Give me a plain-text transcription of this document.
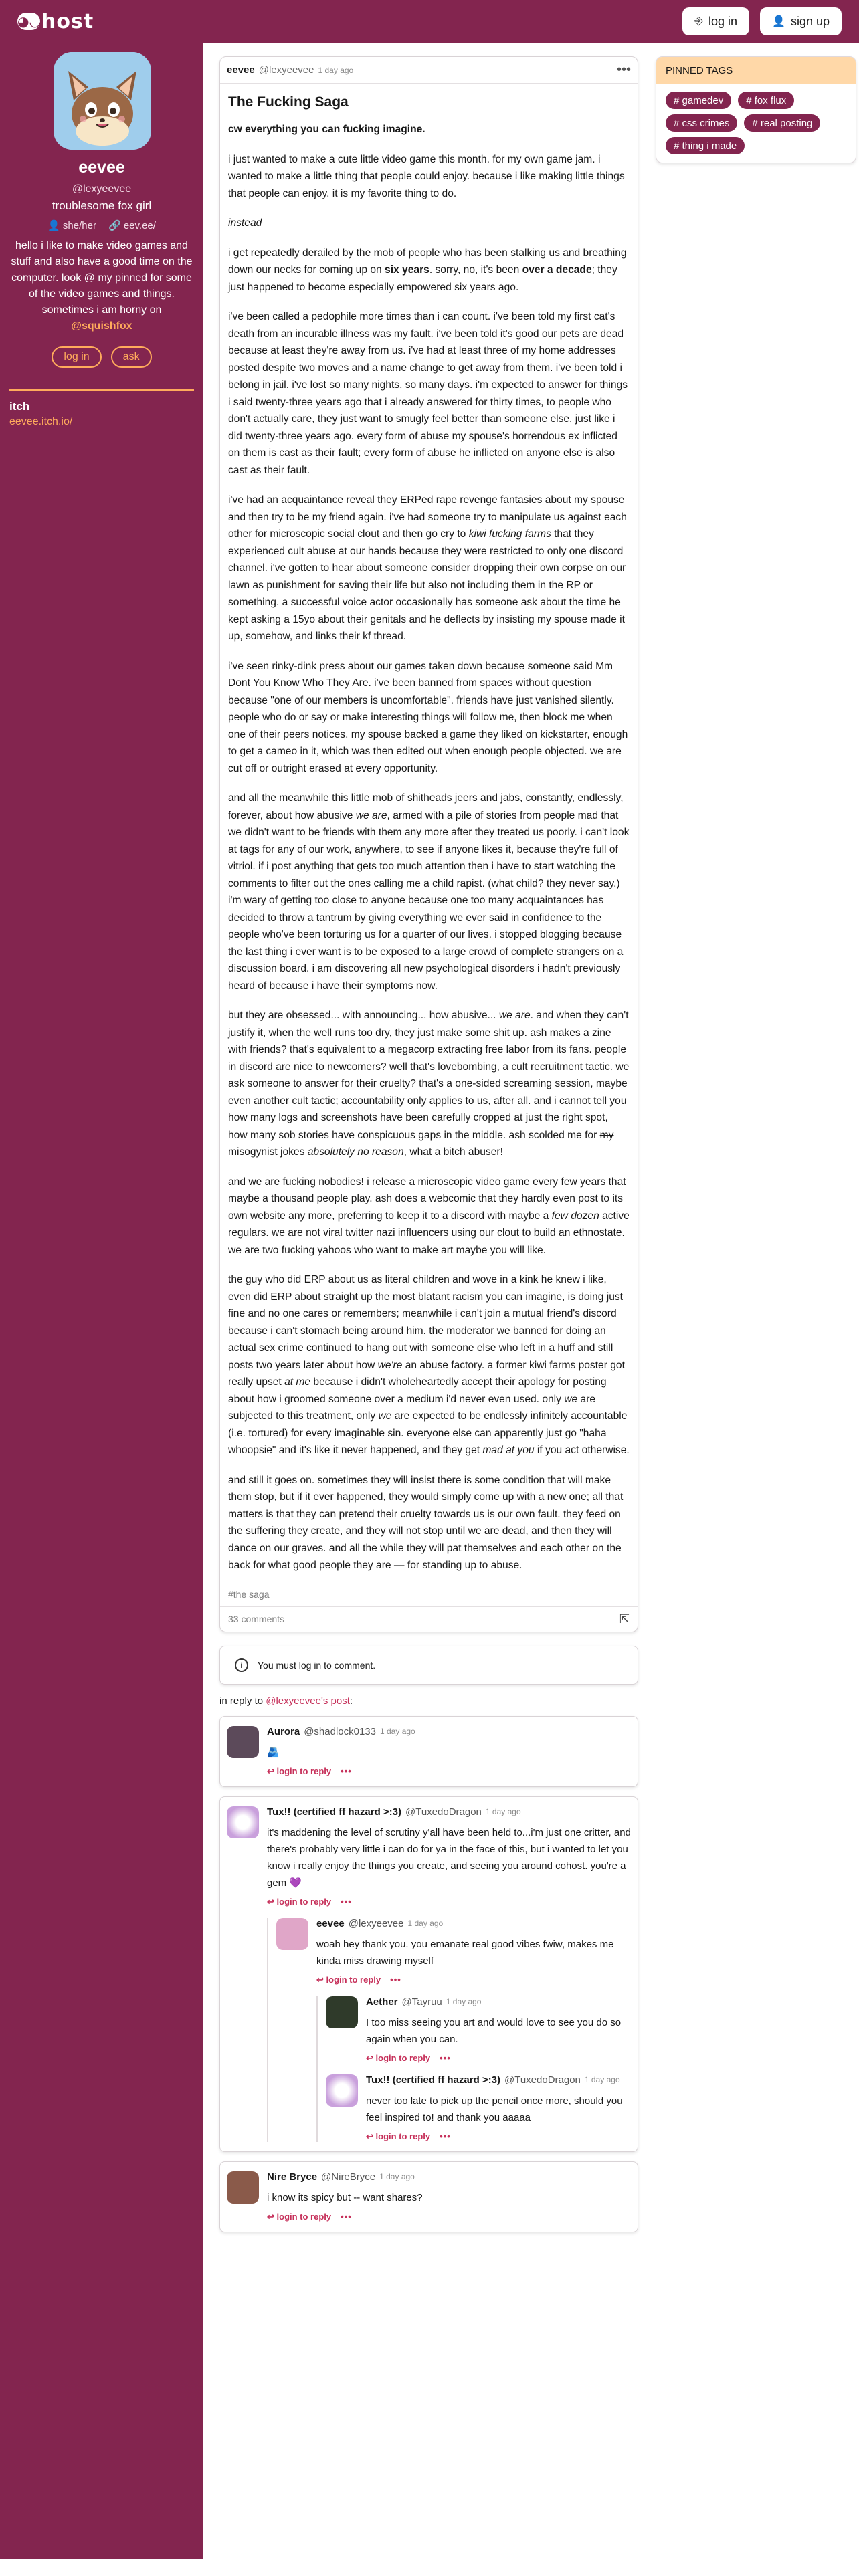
◕◡ host	⎆ log in	👤 sign up
eevee
@lexyeevee
troublesome fox girl
👤 she/her 🔗 eev.ee/
hello i like to make video games and stuff and also have a good time on the computer. look @ my pinned for some of the video games and things. sometimes i am horny on
@squishfox
log in	ask
itch
eevee.itch.io/
eevee @lexyeevee 1 day ago	•••
The Fucking Saga

cw everything you can fucking imagine.

i just wanted to make a cute little video game this month. for my own game jam. i wanted to make a little thing that people could enjoy. because i like making little things that people can enjoy. it is my favorite thing to do.

instead

i get repeatedly derailed by the mob of people who has been stalking us and breathing down our necks for coming up on six years. sorry, no, it's been over a decade; they just happened to become especially empowered six years ago.

i've been called a pedophile more times than i can count. i've been told my first cat's death from an incurable illness was my fault. i've been told it's good our pets are dead because at least they're away from us. i've had at least three of my home addresses posted despite two moves and a name change to get away from them. i've been told i belong in jail. i've lost so many nights, so many days. i'm expected to answer for things i said twenty-three years ago that i already answered for thirty times, to people who don't actually care, they just want to smugly feel better than someone else, just like i did twenty-three years ago. every form of abuse my spouse's horrendous ex inflicted on them is cast as their fault; every form of abuse he inflicted on anyone else is also cast as their fault.

i've had an acquaintance reveal they ERPed rape revenge fantasies about my spouse and then try to be my friend again. i've had someone try to manipulate us against each other for microscopic social clout and then go cry to kiwi fucking farms that they experienced cult abuse at our hands because they were restricted to only one discord channel. i've gotten to hear about someone consider dropping their own corpse on our lawn as punishment for saving their life but also not including them in the RP or something. a successful voice actor occasionally has someone ask about the time he kept asking a 15yo about their genitals and he deflects by insisting my spouse made it up, somehow, and links their kf thread.

i've seen rinky-dink press about our games taken down because someone said Mm Dont You Know Who They Are. i've been banned from spaces without question because "one of our members is uncomfortable". friends have just vanished silently. people who do or say or make interesting things will follow me, then block me when one of their peers notices. my spouse backed a game they liked on kickstarter, enough to get a cameo in it, which was then edited out when enough people objected. we are cut off or outright erased at every opportunity.

and all the meanwhile this little mob of shitheads jeers and jabs, constantly, endlessly, forever, about how abusive we are, armed with a pile of stories from people mad that we didn't want to be friends with them any more after they treated us poorly. i can't look at tags for any of our work, anywhere, to see if anyone likes it, because they're full of vitriol. if i post anything that gets too much attention then i have to start watching the comments to filter out the ones calling me a child rapist. (what child? they never say.) i'm wary of getting too close to anyone because one too many acquaintances has decided to throw a tantrum by giving everything we ever said in confidence to the people who've been torturing us for a quarter of our lives. i stopped blogging because the last thing i ever want is to be exposed to a large crowd of complete strangers on a discussion board. i am discovering all new psychological disorders i hadn't previously heard of because i have their symptoms now.

but they are obsessed... with announcing... how abusive... we are. and when they can't justify it, when the well runs too dry, they just make some shit up. ash makes a zine with friends? that's equivalent to a megacorp extracting free labor from its fans. people in discord are nice to newcomers? well that's lovebombing, a cult recruitment tactic. we ask someone to answer for their cruelty? that's a one-sided screaming session, maybe even another cult tactic; accountability only applies to us, after all. and i cannot tell you how many logs and screenshots have been carefully cropped at just the right spot, how many sob stories have conspicuous gaps in the middle. ash scolded me for my misogynist jokes absolutely no reason, what a bitch abuser!

and we are fucking nobodies! i release a microscopic video game every few years that maybe a thousand people play. ash does a webcomic that they hardly even post to its own website any more, preferring to keep it to a discord with maybe a few dozen active regulars. we are not viral twitter nazi influencers using our clout to build an ethnostate. we are two fucking yahoos who want to make art maybe you will like.

the guy who did ERP about us as literal children and wove in a kink he knew i like, even did ERP about straight up the most blatant racism you can imagine, is doing just fine and no one cares or remembers; meanwhile i can't join a mutual friend's discord because i can't stomach being around him. the moderator we banned for doing an actual sex crime continued to hang out with someone else who left in a huff and still posts two years later about how we're an abuse factory. a former kiwi farms poster got really upset at me because i didn't wholeheartedly accept their apology for posting about how i groomed someone over a medium i'd never even used. only we are subjected to this treatment, only we are expected to be endlessly infinitely accountable (i.e. tortured) for every imaginable sin. everyone else can apparently just go "haha whoopsie" and it's like it never happened, and they get mad at you if you act otherwise.

and still it goes on. sometimes they will insist there is some condition that will make them stop, but if it ever happened, they would simply come up with a new one; all that matters is that they can pretend their cruelty towards us is our own fault. they feed on the suffering they create, and they will not stop until we are dead, and then they will dance on our graves. and all the while they will pat themselves and each other on the back for what good people they are — for standing up to abuse.

#the saga
33 comments	⇱
i	You must log in to comment.
in reply to @lexyeevee's post:
Aurora @shadlock0133 1 day ago
🫂
↩ login to reply •••
Tux!! (certified ff hazard >:3) @TuxedoDragon 1 day ago
it's maddening the level of scrutiny y'all have been held to...i'm just one critter, and there's probably very little i can do for ya in the face of this, but i wanted to let you know i really enjoy the things you create, and seeing you around cohost. you're a gem 💜
↩ login to reply •••
eevee @lexyeevee 1 day ago
woah hey thank you. you emanate real good vibes fwiw, makes me kinda miss drawing myself
↩ login to reply •••
Aether @Tayruu 1 day ago
I too miss seeing you art and would love to see you do so again when you can.
↩ login to reply •••
Tux!! (certified ff hazard >:3) @TuxedoDragon 1 day ago
never too late to pick up the pencil once more, should you feel inspired to! and thank you aaaaa
↩ login to reply •••
Nire Bryce @NireBryce 1 day ago
i know its spicy but -- want shares?
↩ login to reply •••
PINNED TAGS
# gamedev	# fox flux
# css crimes	# real posting
# thing i made
